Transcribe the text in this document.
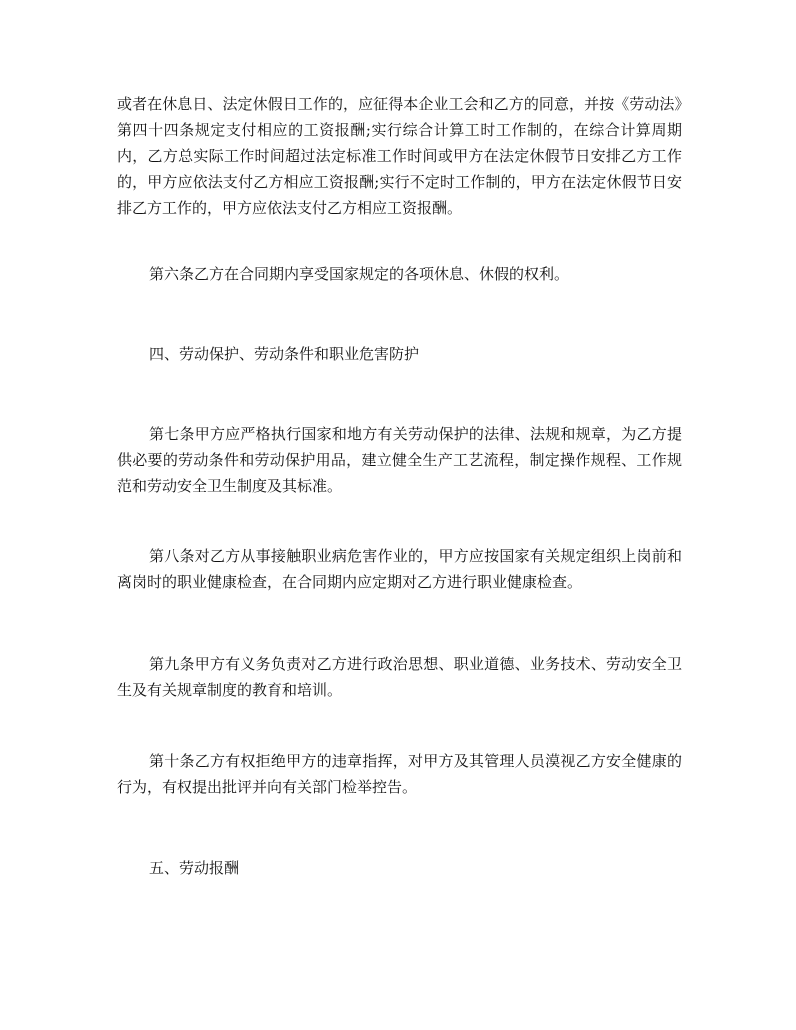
或者在休息日、法定休假日工作的，应征得本企业工会和乙方的同意，并按《劳动法》第四十四条规定支付相应的工资报酬;实行综合计算工时工作制的，在综合计算周期内，乙方总实际工作时间超过法定标准工作时间或甲方在法定休假节日安排乙方工作的，甲方应依法支付乙方相应工资报酬;实行不定时工作制的，甲方在法定休假节日安排乙方工作的，甲方应依法支付乙方相应工资报酬。

第六条乙方在合同期内享受国家规定的各项休息、休假的权利。

四、劳动保护、劳动条件和职业危害防护

第七条甲方应严格执行国家和地方有关劳动保护的法律、法规和规章，为乙方提供必要的劳动条件和劳动保护用品，建立健全生产工艺流程，制定操作规程、工作规范和劳动安全卫生制度及其标准。

第八条对乙方从事接触职业病危害作业的，甲方应按国家有关规定组织上岗前和离岗时的职业健康检查，在合同期内应定期对乙方进行职业健康检查。

第九条甲方有义务负责对乙方进行政治思想、职业道德、业务技术、劳动安全卫生及有关规章制度的教育和培训。

第十条乙方有权拒绝甲方的违章指挥，对甲方及其管理人员漠视乙方安全健康的行为，有权提出批评并向有关部门检举控告。

五、劳动报酬
